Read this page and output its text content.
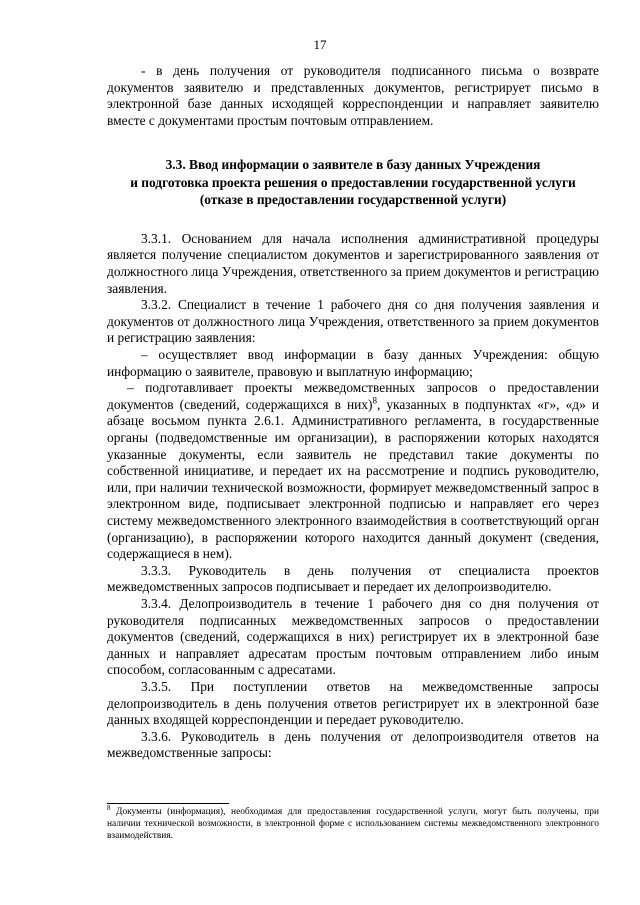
17

- в день получения от руководителя подписанного письма о возврате документов заявителю и представленных документов, регистрирует письмо в электронной базе данных исходящей корреспонденции и направляет заявителю вместе с документами простым почтовым отправлением.

3.3. Ввод информации о заявителе в базу данных Учреждения
и подготовка проекта решения о предоставлении государственной услуги
(отказе в предоставлении государственной услуги)

3.3.1. Основанием для начала исполнения административной процедуры является получение специалистом документов и зарегистрированного заявления от должностного лица Учреждения, ответственного за прием документов и регистрацию заявления.

3.3.2. Специалист в течение 1 рабочего дня со дня получения заявления и документов от должностного лица Учреждения, ответственного за прием документов и регистрацию заявления:

– осуществляет ввод информации в базу данных Учреждения: общую информацию о заявителе, правовую и выплатную информацию;

– подготавливает проекты межведомственных запросов о предоставлении документов (сведений, содержащихся в них)$^8$, указанных в подпунктах «г», «д» и абзаце восьмом пункта 2.6.1. Административного регламента, в государственные органы (подведомственные им организации), в распоряжении которых находятся указанные документы, если заявитель не представил такие документы по собственной инициативе, и передает их на рассмотрение и подпись руководителю, или, при наличии технической возможности, формирует межведомственный запрос в электронном виде, подписывает электронной подписью и направляет его через систему межведомственного электронного взаимодействия в соответствующий орган (организацию), в распоряжении которого находится данный документ (сведения, содержащиеся в нем).

3.3.3. Руководитель в день получения от специалиста проектов межведомственных запросов подписывает и передает их делопроизводителю.

3.3.4. Делопроизводитель в течение 1 рабочего дня со дня получения от руководителя подписанных межведомственных запросов о предоставлении документов (сведений, содержащихся в них) регистрирует их в электронной базе данных и направляет адресатам простым почтовым отправлением либо иным способом, согласованным с адресатами.

3.3.5. При поступлении ответов на межведомственные запросы делопроизводитель в день получения ответов регистрирует их в электронной базе данных входящей корреспонденции и передает руководителю.

3.3.6. Руководитель в день получения от делопроизводителя ответов на межведомственные запросы:

$^8$ Документы (информация), необходимая для предоставления государственной услуги, могут быть получены, при наличии технической возможности, в электронной форме с использованием системы межведомственного электронного взаимодействия.
